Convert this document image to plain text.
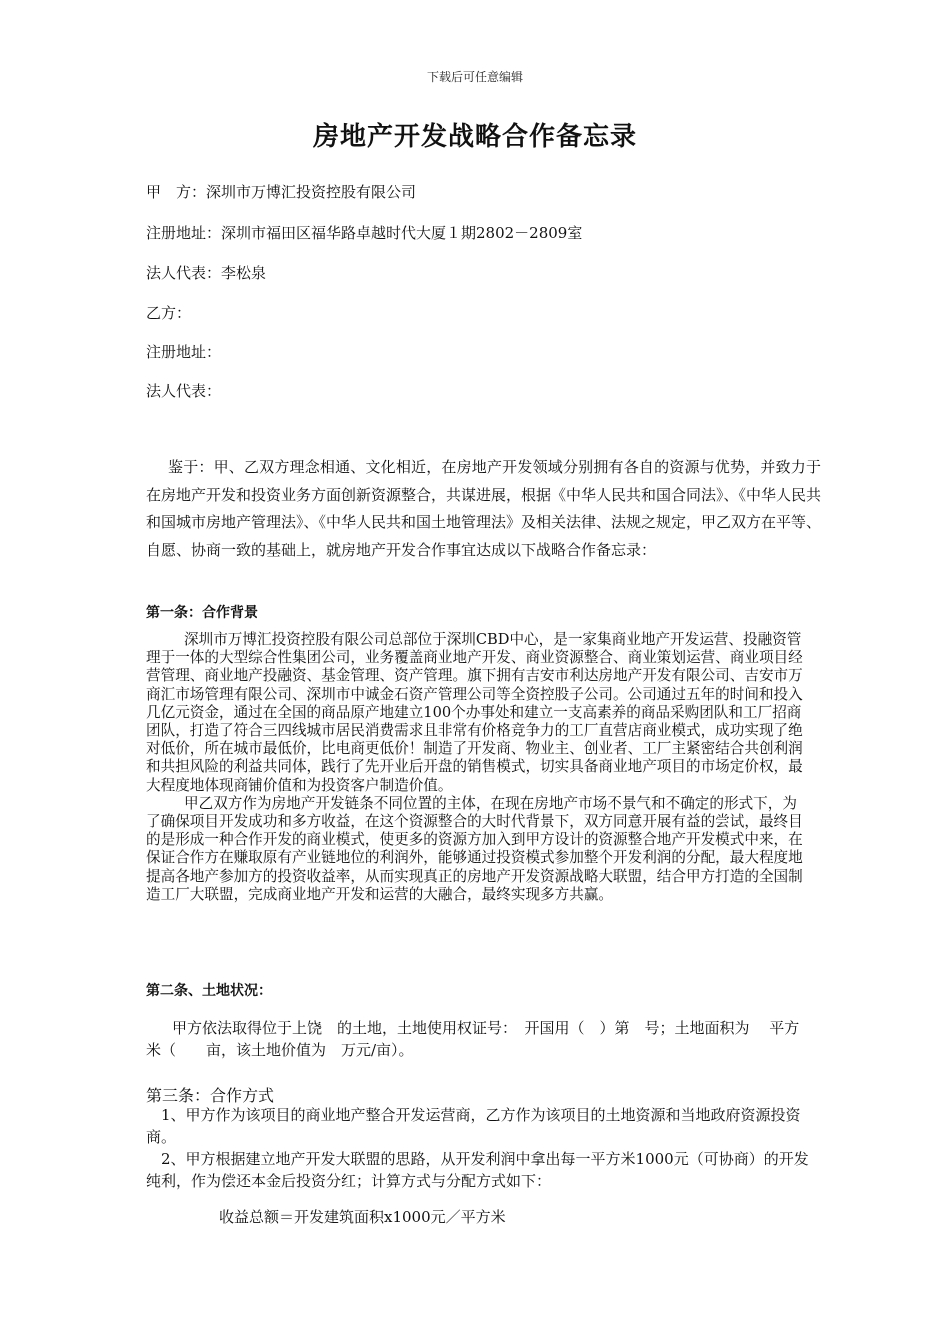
下载后可任意编辑
房地产开发战略合作备忘录
甲　方：深圳市万博汇投资控股有限公司
注册地址：深圳市福田区福华路卓越时代大厦１期2802－2809室
法人代表：李松泉
乙方：
注册地址：
法人代表：

鉴于：甲、乙双方理念相通、文化相近，在房地产开发领域分别拥有各自的资源与优势，并致力于在房地产开发和投资业务方面创新资源整合，共谋进展，根据《中华人民共和国合同法》、《中华人民共和国城市房地产管理法》、《中华人民共和国土地管理法》及相关法律、法规之规定，甲乙双方在平等、自愿、协商一致的基础上，就房地产开发合作事宜达成以下战略合作备忘录：

第一条：合作背景

深圳市万博汇投资控股有限公司总部位于深圳CBD中心，是一家集商业地产开发运营、投融资管理于一体的大型综合性集团公司，业务覆盖商业地产开发、商业资源整合、商业策划运营、商业项目经营管理、商业地产投融资、基金管理、资产管理。旗下拥有吉安市利达房地产开发有限公司、吉安市万商汇市场管理有限公司、深圳市中诚金石资产管理公司等全资控股子公司。公司通过五年的时间和投入几亿元资金，通过在全国的商品原产地建立100个办事处和建立一支高素养的商品采购团队和工厂招商团队，打造了符合三四线城市居民消费需求且非常有价格竞争力的工厂直营店商业模式，成功实现了绝对低价，所在城市最低价，比电商更低价！制造了开发商、物业主、创业者、工厂主紧密结合共创利润和共担风险的利益共同体，践行了先开业后开盘的销售模式，切实具备商业地产项目的市场定价权，最大程度地体现商铺价值和为投资客户制造价值。

甲乙双方作为房地产开发链条不同位置的主体，在现在房地产市场不景气和不确定的形式下，为了确保项目开发成功和多方收益，在这个资源整合的大时代背景下，双方同意开展有益的尝试，最终目的是形成一种合作开发的商业模式，使更多的资源方加入到甲方设计的资源整合地产开发模式中来，在保证合作方在赚取原有产业链地位的利润外，能够通过投资模式参加整个开发利润的分配，最大程度地提高各地产参加方的投资收益率，从而实现真正的房地产开发资源战略大联盟，结合甲方打造的全国制造工厂大联盟，完成商业地产开发和运营的大融合，最终实现多方共赢。

第二条、土地状况：

甲方依法取得位于上饶　的土地，土地使用权证号：　开国用（　）第　号；土地面积为　 平方米（　　亩，该土地价值为　万元/亩）。

第三条：合作方式

　1、甲方作为该项目的商业地产整合开发运营商，乙方作为该项目的土地资源和当地政府资源投资商。

　2、甲方根据建立地产开发大联盟的思路，从开发利润中拿出每一平方米1000元（可协商）的开发纯利，作为偿还本金后投资分红；计算方式与分配方式如下：

收益总额＝开发建筑面积x1000元／平方米
